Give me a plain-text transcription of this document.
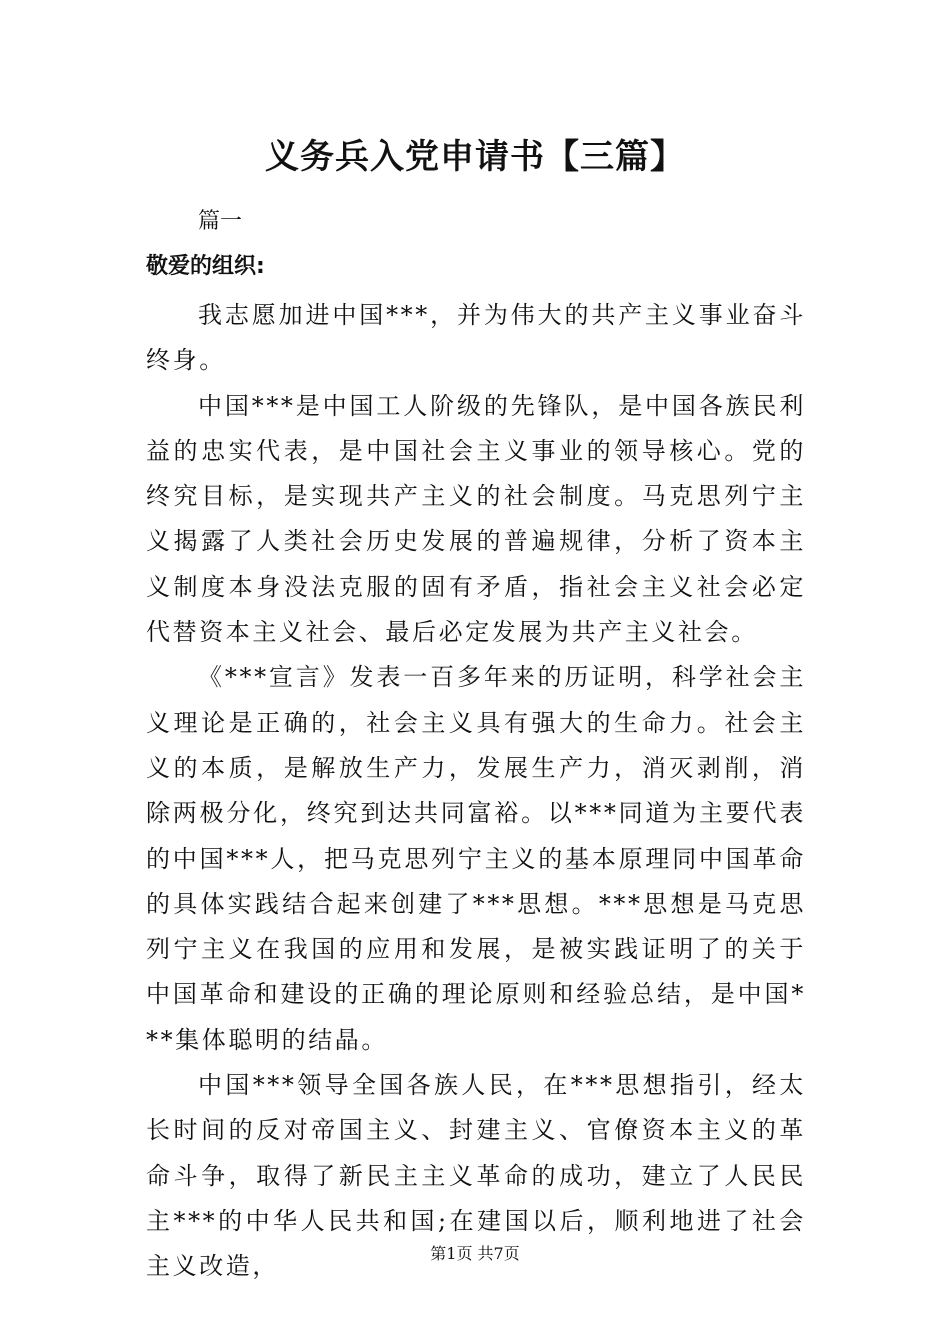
义务兵入党申请书【三篇】

篇一

敬爱的组织:

我志愿加进中国***，并为伟大的共产主义事业奋斗终身。

中国***是中国工人阶级的先锋队，是中国各族民利益的忠实代表，是中国社会主义事业的领导核心。党的终究目标，是实现共产主义的社会制度。马克思列宁主义揭露了人类社会历史发展的普遍规律，分析了资本主义制度本身没法克服的固有矛盾，指社会主义社会必定代替资本主义社会、最后必定发展为共产主义社会。

《***宣言》发表一百多年来的历证明，科学社会主义理论是正确的，社会主义具有强大的生命力。社会主义的本质，是解放生产力，发展生产力，消灭剥削，消除两极分化，终究到达共同富裕。以***同道为主要代表的中国***人，把马克思列宁主义的基本原理同中国革命的具体实践结合起来创建了***思想。***思想是马克思列宁主义在我国的应用和发展，是被实践证明了的关于中国革命和建设的正确的理论原则和经验总结，是中国***集体聪明的结晶。

中国***领导全国各族人民，在***思想指引，经太长时间的反对帝国主义、封建主义、官僚资本主义的革命斗争，取得了新民主主义革命的成功，建立了人民民主***的中华人民共和国;在建国以后，顺利地进了社会主义改造，	第1页 共7页
